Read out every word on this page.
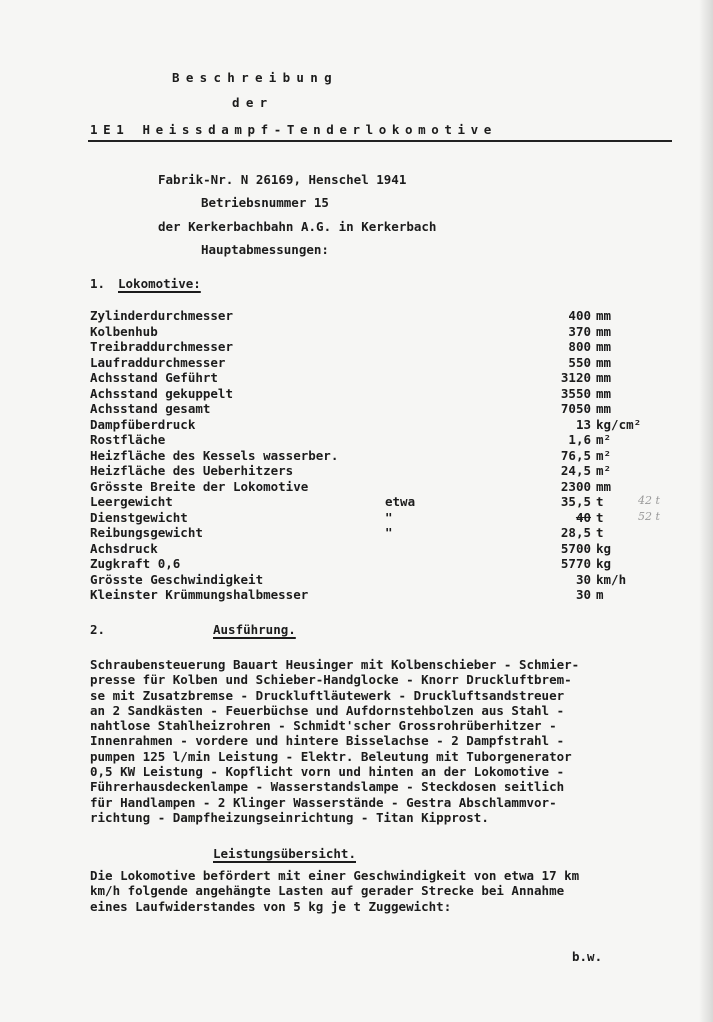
Beschreibung
der
1E1 Heissdampf-Tenderlokomotive
Fabrik-Nr. N 26169, Henschel 1941
Betriebsnummer 15
der Kerkerbachbahn A.G. in Kerkerbach
Hauptabmessungen:
1. Lokomotive:
Zylinderdurchmesser	400 mm
Kolbenhub	370 mm
Treibraddurchmesser	800 mm
Laufraddurchmesser	550 mm
Achsstand Geführt	3120 mm
Achsstand gekuppelt	3550 mm
Achsstand gesamt	7050 mm
Dampfüberdruck	13 kg/cm²
Rostfläche	1,6 m²
Heizfläche des Kessels wasserber.	76,5 m²
Heizfläche des Ueberhitzers	24,5 m²
Grösste Breite der Lokomotive	2300 mm
Leergewicht	etwa	35,5 t	42 t
Dienstgewicht	"	40 t	52 t
Reibungsgewicht	"	28,5 t
Achsdruck	5700 kg
Zugkraft 0,6	5770 kg
Grösste Geschwindigkeit	30 km/h
Kleinster Krümmungshalbmesser	30 m
2.	Ausführung.
Schraubensteuerung Bauart Heusinger mit Kolbenschieber - Schmier-
presse für Kolben und Schieber-Handglocke - Knorr Druckluftbrem-
se mit Zusatzbremse - Druckluftläutewerk - Druckluftsandstreuer
an 2 Sandkästen - Feuerbüchse und Aufdornstehbolzen aus Stahl -
nahtlose Stahlheizrohren - Schmidt'scher Grossrohrüberhitzer -
Innenrahmen - vordere und hintere Bisselachse - 2 Dampfstrahl -
pumpen 125 l/min Leistung - Elektr. Beleutung mit Tuborgenerator
0,5 KW Leistung - Kopflicht vorn und hinten an der Lokomotive -
Führerhausdeckenlampe - Wasserstandslampe - Steckdosen seitlich
für Handlampen - 2 Klinger Wasserstände - Gestra Abschlammvor-
richtung - Dampfheizungseinrichtung - Titan Kipprost.
Leistungsübersicht.
Die Lokomotive befördert mit einer Geschwindigkeit von etwa 17 km
km/h folgende angehängte Lasten auf gerader Strecke bei Annahme
eines Laufwiderstandes von 5 kg je t Zuggewicht:
b.w.
